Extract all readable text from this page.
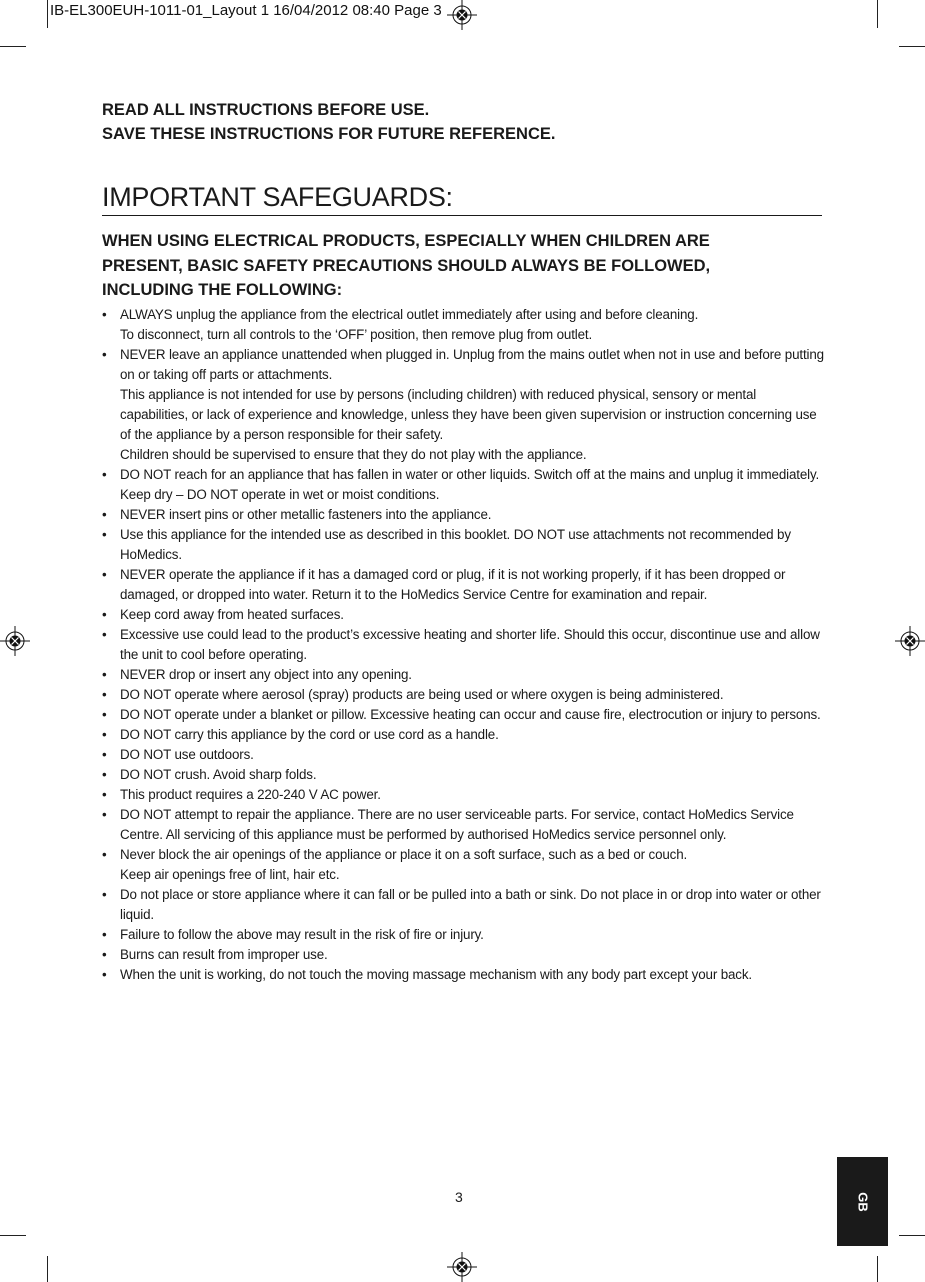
IB-EL300EUH-1011-01_Layout 1 16/04/2012 08:40 Page 3
READ ALL INSTRUCTIONS BEFORE USE.
SAVE THESE INSTRUCTIONS FOR FUTURE REFERENCE.
IMPORTANT SAFEGUARDS:
WHEN USING ELECTRICAL PRODUCTS, ESPECIALLY WHEN CHILDREN ARE PRESENT, BASIC SAFETY PRECAUTIONS SHOULD ALWAYS BE FOLLOWED, INCLUDING THE FOLLOWING:
• ALWAYS unplug the appliance from the electrical outlet immediately after using and before cleaning.
To disconnect, turn all controls to the ‘OFF’ position, then remove plug from outlet.
• NEVER leave an appliance unattended when plugged in. Unplug from the mains outlet when not in use and before putting on or taking off parts or attachments.
This appliance is not intended for use by persons (including children) with reduced physical, sensory or mental capabilities, or lack of experience and knowledge, unless they have been given supervision or instruction concerning use of the appliance by a person responsible for their safety.
Children should be supervised to ensure that they do not play with the appliance.
• DO NOT reach for an appliance that has fallen in water or other liquids. Switch off at the mains and unplug it immediately. Keep dry – DO NOT operate in wet or moist conditions.
• NEVER insert pins or other metallic fasteners into the appliance.
• Use this appliance for the intended use as described in this booklet. DO NOT use attachments not recommended by HoMedics.
• NEVER operate the appliance if it has a damaged cord or plug, if it is not working properly, if it has been dropped or damaged, or dropped into water. Return it to the HoMedics Service Centre for examination and repair.
• Keep cord away from heated surfaces.
• Excessive use could lead to the product’s excessive heating and shorter life. Should this occur, discontinue use and allow the unit to cool before operating.
• NEVER drop or insert any object into any opening.
• DO NOT operate where aerosol (spray) products are being used or where oxygen is being administered.
• DO NOT operate under a blanket or pillow. Excessive heating can occur and cause fire, electrocution or injury to persons.
• DO NOT carry this appliance by the cord or use cord as a handle.
• DO NOT use outdoors.
• DO NOT crush. Avoid sharp folds.
• This product requires a 220-240 V AC power.
• DO NOT attempt to repair the appliance. There are no user serviceable parts. For service, contact HoMedics Service Centre. All servicing of this appliance must be performed by authorised HoMedics service personnel only.
• Never block the air openings of the appliance or place it on a soft surface, such as a bed or couch.
Keep air openings free of lint, hair etc.
• Do not place or store appliance where it can fall or be pulled into a bath or sink. Do not place in or drop into water or other liquid.
• Failure to follow the above may result in the risk of fire or injury.
• Burns can result from improper use.
• When the unit is working, do not touch the moving massage mechanism with any body part except your back.
3	GB
